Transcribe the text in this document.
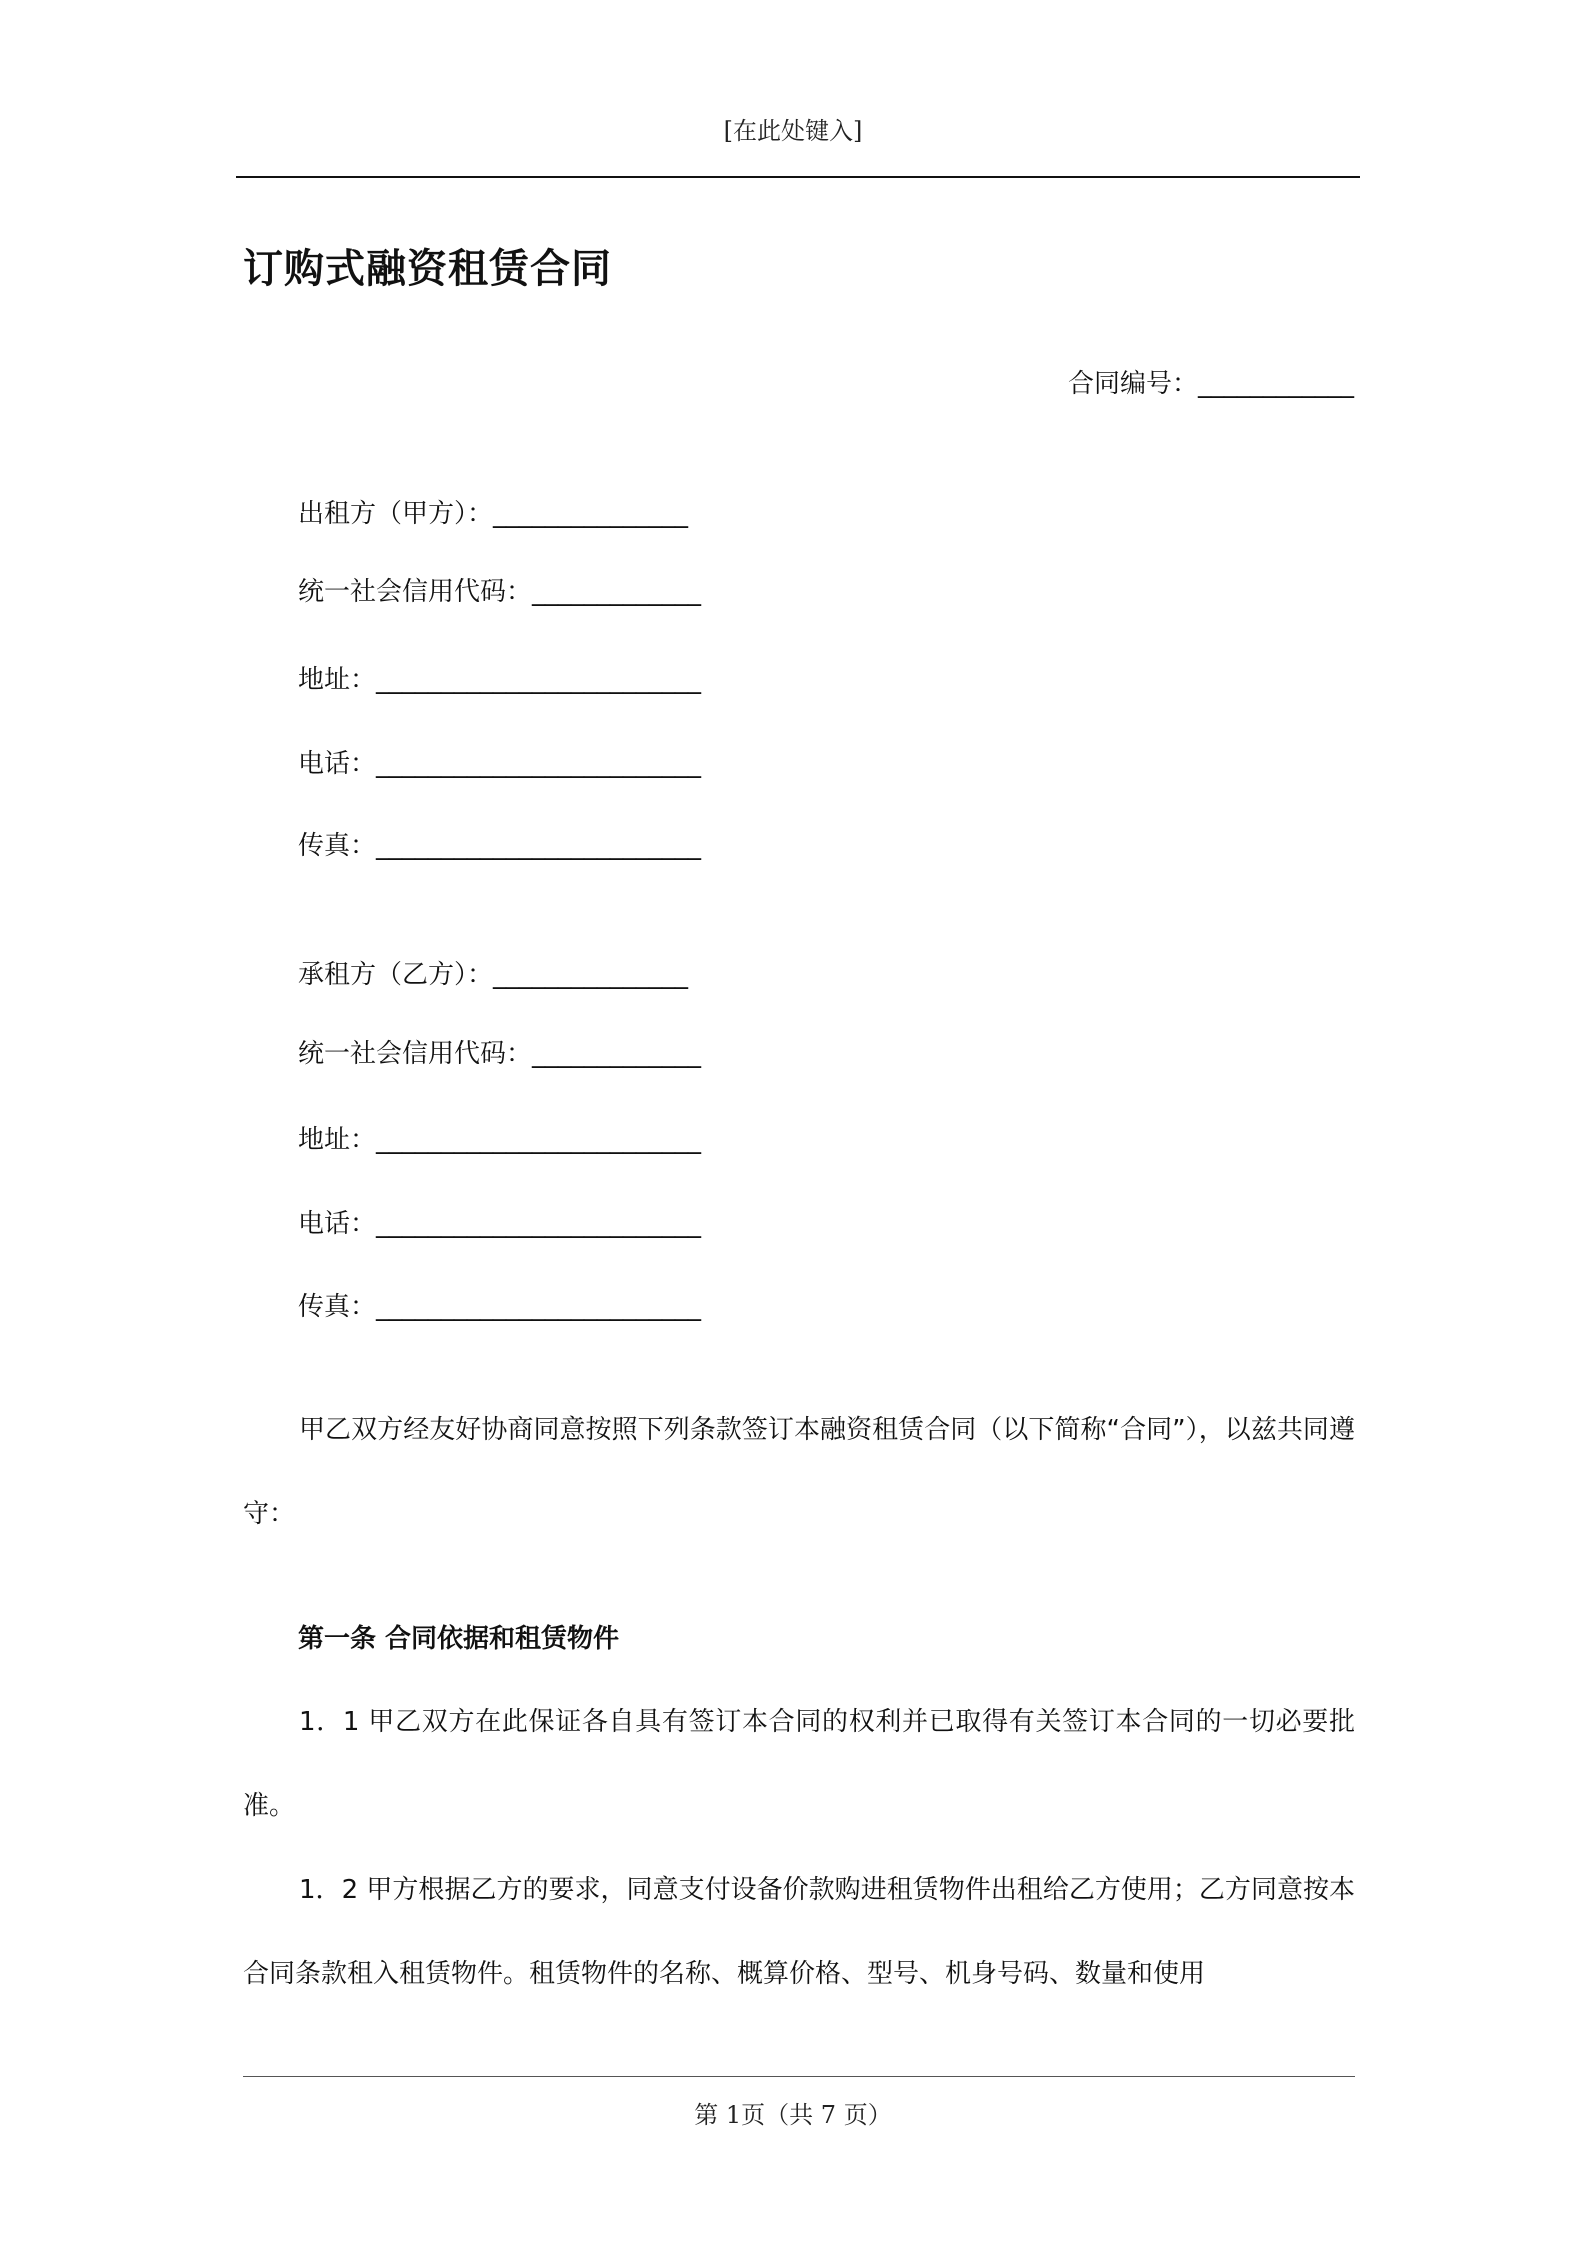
[在此处键入]
订购式融资租赁合同
合同编号：____________
出租方（甲方）：_______________
统一社会信用代码：_____________
地址：_________________________
电话：_________________________
传真：_________________________
承租方（乙方）：_______________
统一社会信用代码：_____________
地址：_________________________
电话：_________________________
传真：_________________________
甲乙双方经友好协商同意按照下列条款签订本融资租赁合同（以下简称“合同”），以兹共同遵守：
第一条 合同依据和租赁物件
1．1 甲乙双方在此保证各自具有签订本合同的权利并已取得有关签订本合同的一切必要批准。
1．2 甲方根据乙方的要求，同意支付设备价款购进租赁物件出租给乙方使用；乙方同意按本合同条款租入租赁物件。租赁物件的名称、概算价格、型号、机身号码、数量和使用
第 1页（共 7 页）
